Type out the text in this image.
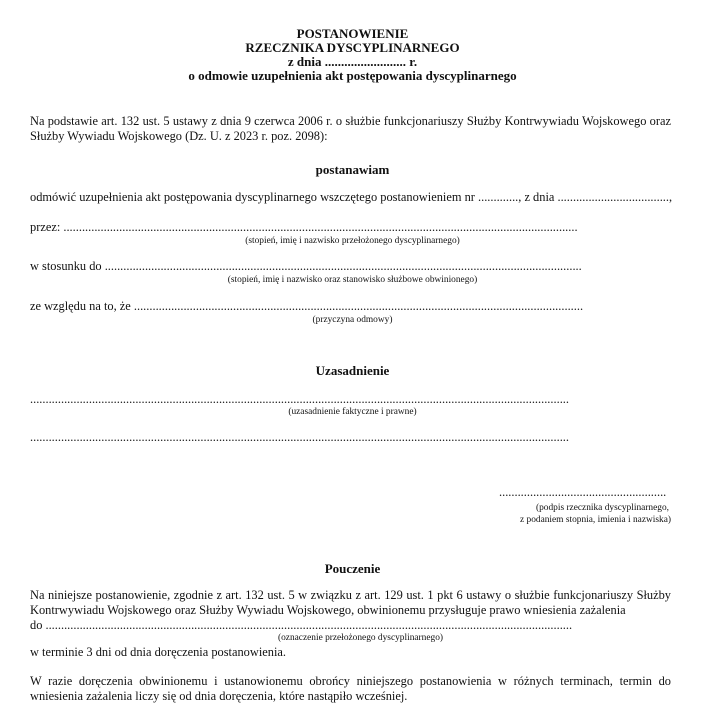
POSTANOWIENIE
RZECZNIKA DYSCYPLINARNEGO
z dnia ......................... r.
o odmowie uzupełnienia akt postępowania dyscyplinarnego
Na podstawie art. 132 ust. 5 ustawy z dnia 9 czerwca 2006 r. o służbie funkcjonariuszy Służby Kontrwywiadu Wojskowego oraz Służby Wywiadu Wojskowego (Dz. U. z 2023 r. poz. 2098):
postanawiam
odmówić uzupełnienia akt postępowania dyscyplinarnego wszczętego postanowieniem nr ............., z dnia ....................................,
przez: ......................................................................................................................................................................
(stopień, imię i nazwisko przełożonego dyscyplinarnego)
w stosunku do ..........................................................................................................................................................
(stopień, imię i nazwisko oraz stanowisko służbowe obwinionego)
ze względu na to, że .................................................................................................................................................
(przyczyna odmowy)
Uzasadnienie
..............................................................................................................................................................................
(uzasadnienie faktyczne i prawne)
..............................................................................................................................................................................
......................................................
(podpis rzecznika dyscyplinarnego,
z podaniem stopnia, imienia i nazwiska)
Pouczenie
Na niniejsze postanowienie, zgodnie z art. 132 ust. 5 w związku z art. 129 ust. 1 pkt 6 ustawy o służbie funkcjonariuszy Służby Kontrwywiadu Wojskowego oraz Służby Wywiadu Wojskowego, obwinionemu przysługuje prawo wniesienia zażalenia
do ..........................................................................................................................................................................
(oznaczenie przełożonego dyscyplinarnego)
w terminie 3 dni od dnia doręczenia postanowienia.
W razie doręczenia obwinionemu i ustanowionemu obrońcy niniejszego postanowienia w różnych terminach, termin do wniesienia zażalenia liczy się od dnia doręczenia, które nastąpiło wcześniej.
